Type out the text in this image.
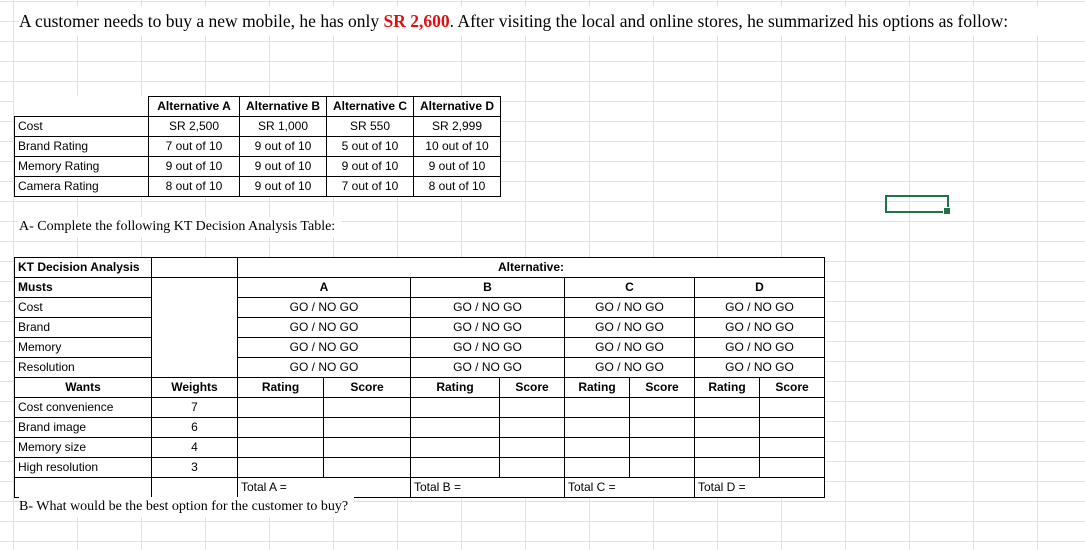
A customer needs to buy a new mobile, he has only SR 2,600. After visiting the local and online stores, he summarized his options as follow:
	Alternative A	Alternative B	Alternative C	Alternative D
Cost	SR 2,500	SR 1,000	SR 550	SR 2,999
Brand Rating	7 out of 10	9 out of 10	5 out of 10	10 out of 10
Memory Rating	9 out of 10	9 out of 10	9 out of 10	9 out of 10
Camera Rating	8 out of 10	9 out of 10	7 out of 10	8 out of 10
A- Complete the following KT Decision Analysis Table:
KT Decision Analysis		Alternative:							
Musts		A		B		C		D	
Cost		GO / NO GO		GO / NO GO		GO / NO GO		GO / NO GO	
Brand		GO / NO GO		GO / NO GO		GO / NO GO		GO / NO GO	
Memory		GO / NO GO		GO / NO GO		GO / NO GO		GO / NO GO	
Resolution		GO / NO GO		GO / NO GO		GO / NO GO		GO / NO GO	
Wants	Weights	Rating	Score	Rating	Score	Rating	Score	Rating	Score
Cost convenience	7								
Brand image	6								
Memory size	4								
High resolution	3								
		Total A =		Total B =		Total C =		Total D =	
B- What would be the best option for the customer to buy?
